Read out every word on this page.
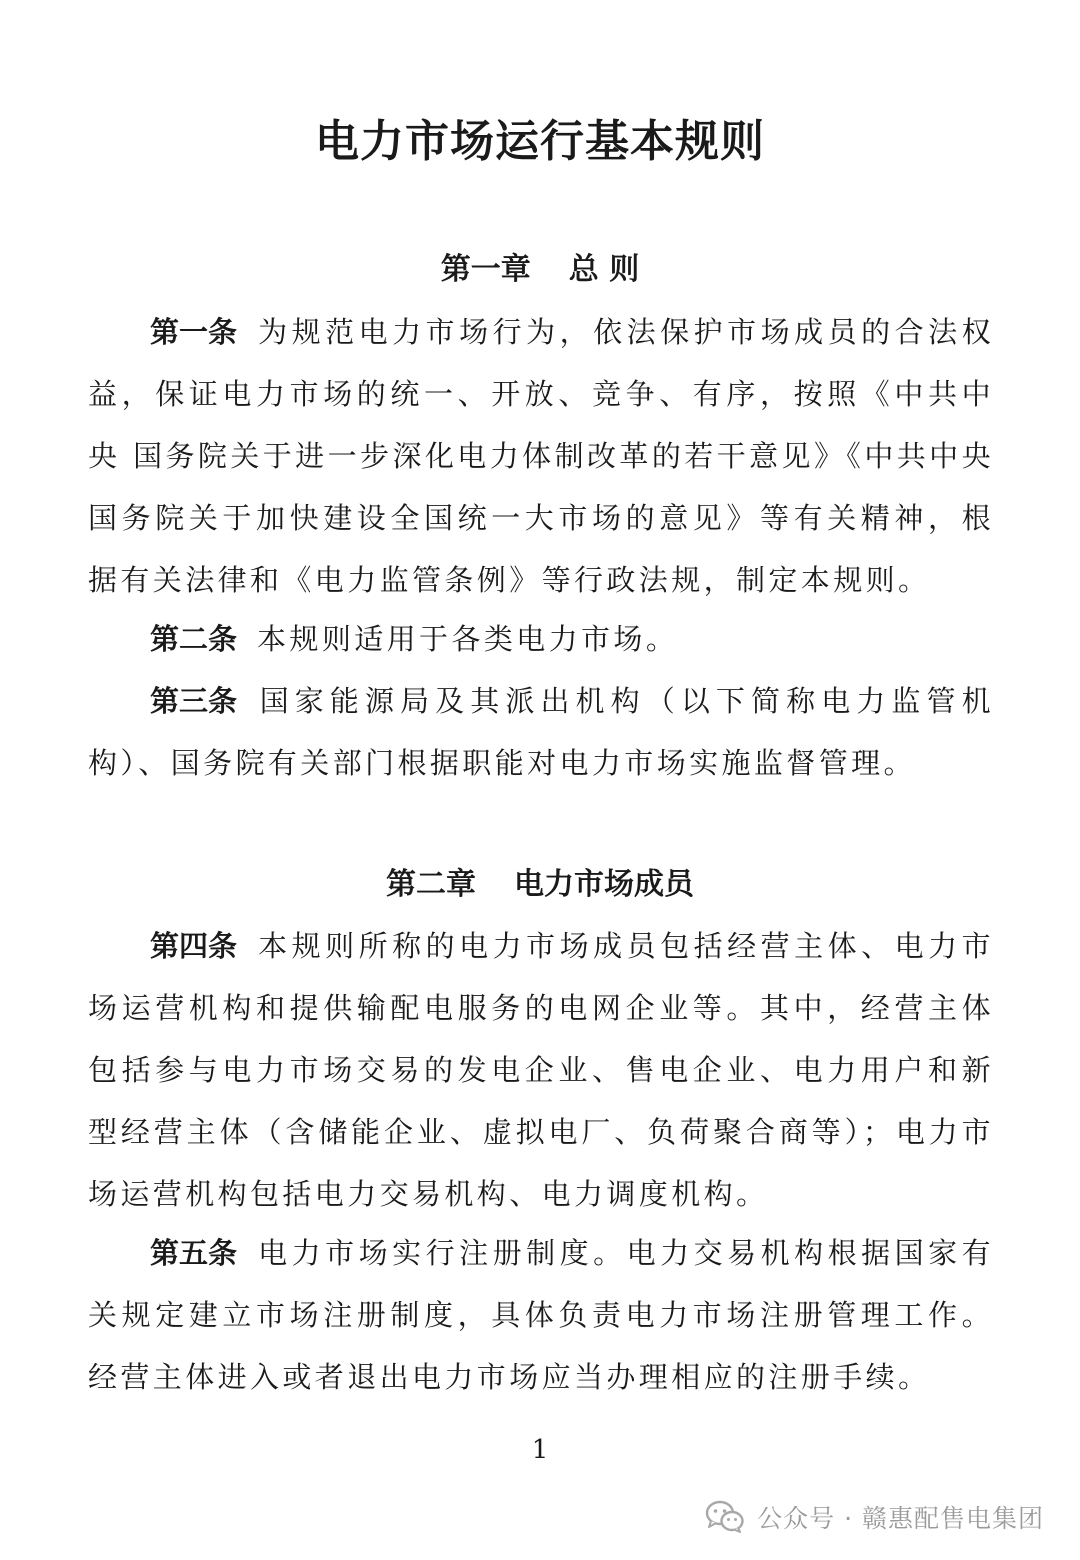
电力市场运行基本规则
第一章 总 则
第一条 为规范电力市场行为，依法保护市场成员的合法权益，保证电力市场的统一、开放、竞争、有序，按照《中共中央 国务院关于进一步深化电力体制改革的若干意见》《中共中央 国务院关于加快建设全国统一大市场的意见》等有关精神，根据有关法律和《电力监管条例》等行政法规，制定本规则。
第二条 本规则适用于各类电力市场。
第三条 国家能源局及其派出机构（以下简称电力监管机构）、国务院有关部门根据职能对电力市场实施监督管理。
第二章 电力市场成员
第四条 本规则所称的电力市场成员包括经营主体、电力市场运营机构和提供输配电服务的电网企业等。其中，经营主体包括参与电力市场交易的发电企业、售电企业、电力用户和新型经营主体（含储能企业、虚拟电厂、负荷聚合商等）；电力市场运营机构包括电力交易机构、电力调度机构。
第五条 电力市场实行注册制度。电力交易机构根据国家有关规定建立市场注册制度，具体负责电力市场注册管理工作。经营主体进入或者退出电力市场应当办理相应的注册手续。
1
公众号 · 赣惠配售电集团
